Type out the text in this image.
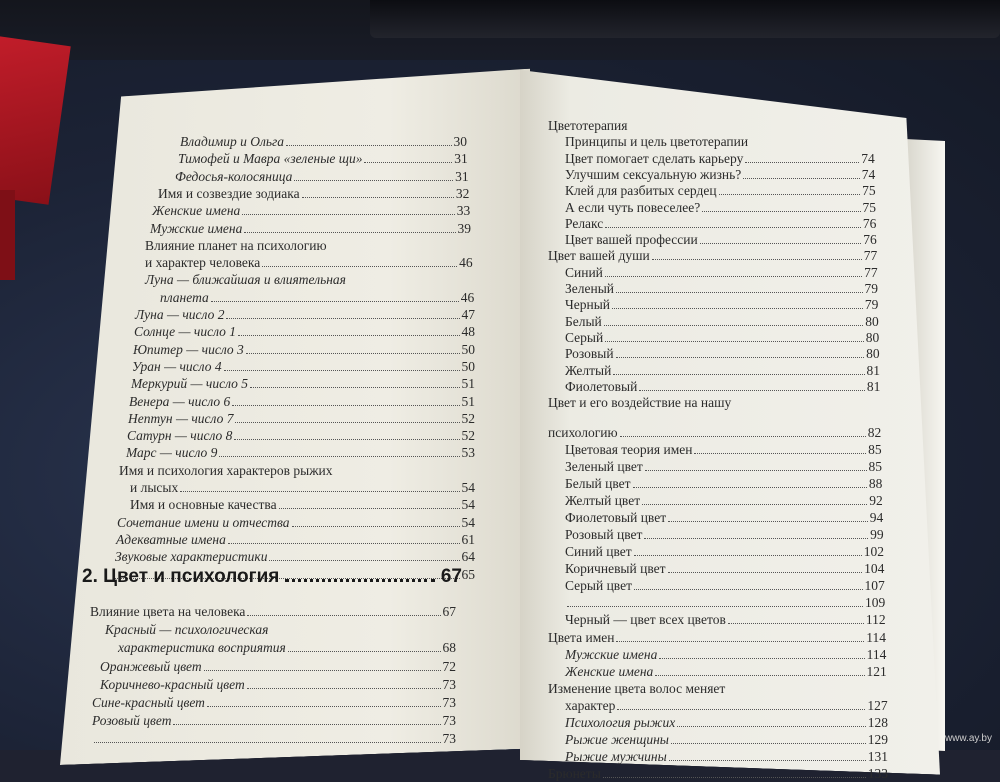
Владимир и Ольга	30
Тимофей и Мавра «зеленые щи»	31
Федосья-колосяница	31
Имя и созвездие зодиака	32
Женские имена	33
Мужские имена	39
Влияние планет на психологию
и характер человека	46
Луна — ближайшая и влиятельная
планета	46
Луна — число 2	47
Солнце — число 1	48
Юпитер — число 3	50
Уран — число 4	50
Меркурий — число 5	51
Венера — число 6	51
Нептун — число 7	52
Сатурн — число 8	52
Марс — число 9	53
Имя и психология характеров рыжих
и лысых	54
Имя и основные качества	54
Сочетание имени и отчества	54
Адекватные имена	61
Звуковые характеристики	64
65
2. Цвет и психология	67
Влияние цвета на человека	67
Красный — психологическая
характеристика восприятия	68
Оранжевый цвет	72
Коричнево-красный цвет	73
Сине-красный цвет	73
Розовый цвет	73
73
Цветотерапия
Принципы и цель цветотерапии
Цвет помогает сделать карьеру	74
Улучшим сексуальную жизнь?	74
Клей для разбитых сердец	75
А если чуть повеселее?	75
Релакс	76
Цвет вашей профессии	76
Цвет вашей души	77
Синий	77
Зеленый	79
Черный	79
Белый	80
Серый	80
Розовый	80
Желтый	81
Фиолетовый	81
Цвет и его воздействие на нашу
психологию	82
Цветовая теория имен	85
Зеленый цвет	85
Белый цвет	88
Желтый цвет	92
Фиолетовый цвет	94
Розовый цвет	99
Синий цвет	102
Коричневый цвет	104
Серый цвет	107
109
Черный — цвет всех цветов	112
Цвета имен	114
Мужские имена	114
Женские имена	121
Изменение цвета волос меняет
характер	127
Психология рыжих	128
Рыжие женщины	129
Рыжие мужчины	131
Брюнеты	133
www.ay.by
